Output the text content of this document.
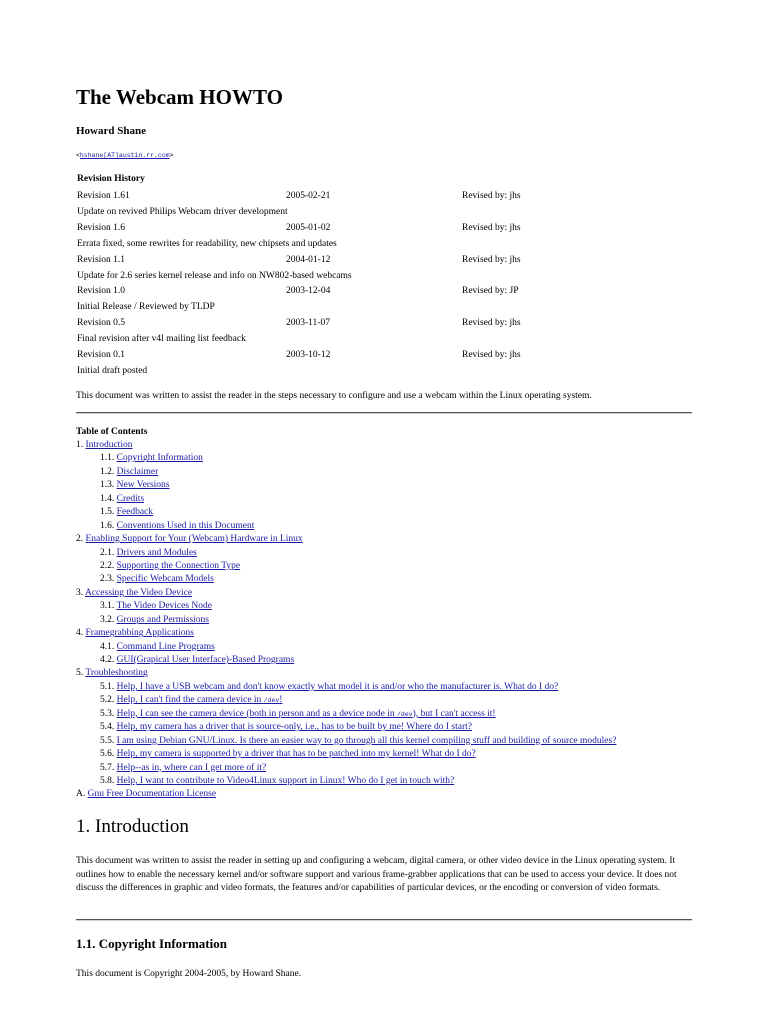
The Webcam HOWTO
Howard Shane
<hshane[AT]austin.rr.com>
Revision History
Revision 1.61	2005-02-21	Revised by: jhs
Update on revived Philips Webcam driver development
Revision 1.6	2005-01-02	Revised by: jhs
Errata fixed, some rewrites for readability, new chipsets and updates
Revision 1.1	2004-01-12	Revised by: jhs
Update for 2.6 series kernel release and info on NW802-based webcams
Revision 1.0	2003-12-04	Revised by: JP
Initial Release / Reviewed by TLDP
Revision 0.5	2003-11-07	Revised by: jhs
Final revision after v4l mailing list feedback
Revision 0.1	2003-10-12	Revised by: jhs
Initial draft posted
This document was written to assist the reader in the steps necessary to configure and use a webcam within the Linux operating system.
Table of Contents
1. Introduction
1.1. Copyright Information
1.2. Disclaimer
1.3. New Versions
1.4. Credits
1.5. Feedback
1.6. Conventions Used in this Document
2. Enabling Support for Your (Webcam) Hardware in Linux
2.1. Drivers and Modules
2.2. Supporting the Connection Type
2.3. Specific Webcam Models
3. Accessing the Video Device
3.1. The Video Devices Node
3.2. Groups and Permissions
4. Framegrabbing Applications
4.1. Command Line Programs
4.2. GUI(Grapical User Interface)-Based Programs
5. Troubleshooting
5.1. Help, I have a USB webcam and don't know exactly what model it is and/or who the manufacturer is. What do I do?
5.2. Help, I can't find the camera device in /dev!
5.3. Help, I can see the camera device (both in person and as a device node in /dev), but I can't access it!
5.4. Help, my camera has a driver that is source-only, i.e., has to be built by me! Where do I start?
5.5. I am using Debian GNU/Linux. Is there an easier way to go through all this kernel compiling stuff and building of source modules?
5.6. Help, my camera is supported by a driver that has to be patched into my kernel! What do I do?
5.7. Help--as in, where can I get more of it?
5.8. Help, I want to contribute to Video4Linux support in Linux! Who do I get in touch with?
A. Gnu Free Documentation License
1. Introduction

This document was written to assist the reader in setting up and configuring a webcam, digital camera, or other video device in the Linux operating system. It outlines how to enable the necessary kernel and/or software support and various frame-grabber applications that can be used to access your device. It does not discuss the differences in graphic and video formats, the features and/or capabilities of particular devices, or the encoding or conversion of video formats.

1.1. Copyright Information

This document is Copyright 2004-2005, by Howard Shane.
